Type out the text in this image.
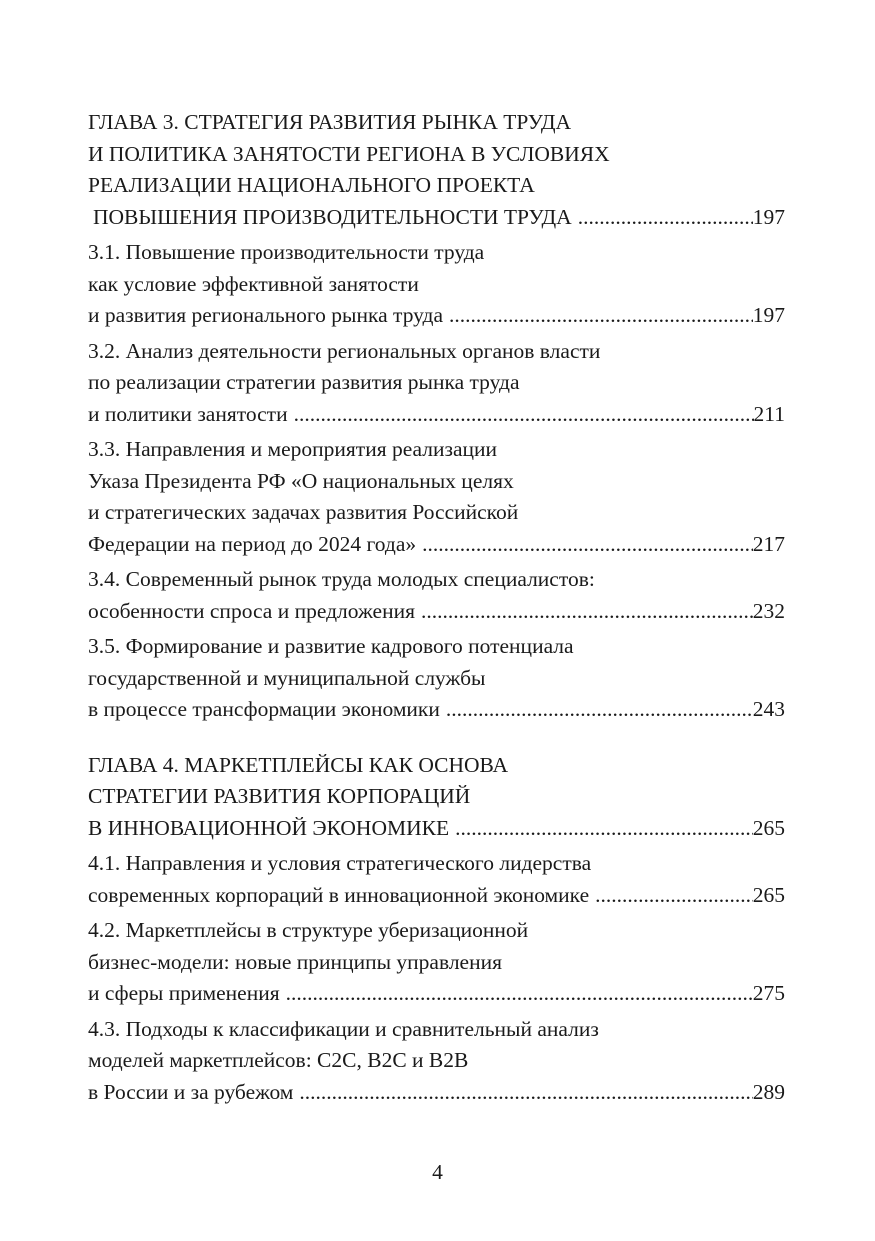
ГЛАВА 3. СТРАТЕГИЯ РАЗВИТИЯ РЫНКА ТРУДА
И ПОЛИТИКА ЗАНЯТОСТИ РЕГИОНА В УСЛОВИЯХ
РЕАЛИЗАЦИИ НАЦИОНАЛЬНОГО ПРОЕКТА
ПОВЫШЕНИЯ ПРОИЗВОДИТЕЛЬНОСТИ ТРУДА .....	197
3.1. Повышение производительности труда
как условие эффективной занятости
и развития регионального рынка труда .....	197
3.2. Анализ деятельности региональных органов власти
по реализации стратегии развития рынка труда
и политики занятости .....	211
3.3. Направления и мероприятия реализации
Указа Президента РФ «О национальных целях
и стратегических задачах развития Российской
Федерации на период до 2024 года» .....	217
3.4. Современный рынок труда молодых специалистов:
особенности спроса и предложения .....	232
3.5. Формирование и развитие кадрового потенциала
государственной и муниципальной службы
в процессе трансформации экономики .....	243
ГЛАВА 4. МАРКЕТПЛЕЙСЫ КАК ОСНОВА
СТРАТЕГИИ РАЗВИТИЯ КОРПОРАЦИЙ
В ИННОВАЦИОННОЙ ЭКОНОМИКЕ .....	265
4.1. Направления и условия стратегического лидерства
современных корпораций в инновационной экономике .....	265
4.2. Маркетплейсы в структуре уберизационной
бизнес-модели: новые принципы управления
и сферы применения .....	275
4.3. Подходы к классификации и сравнительный анализ
моделей маркетплейсов: C2C, B2C и B2B
в России и за рубежом .....	289
4
